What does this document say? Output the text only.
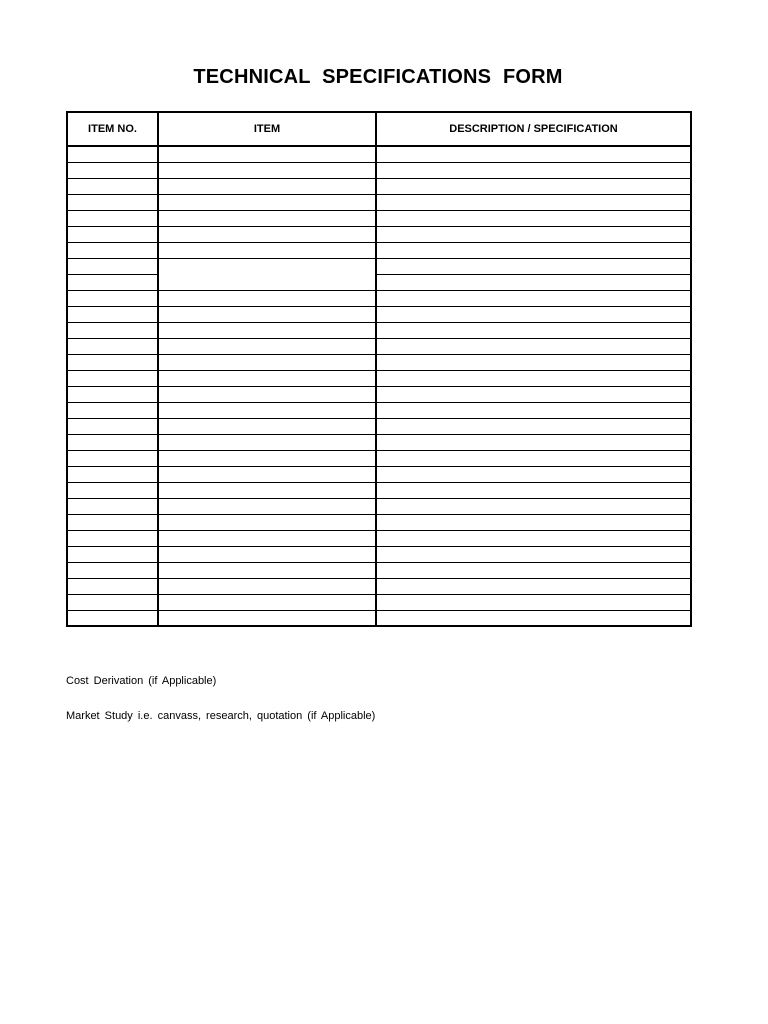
TECHNICAL SPECIFICATIONS FORM
ITEM NO.	ITEM	DESCRIPTION / SPECIFICATION

Cost Derivation (if Applicable)

Market Study i.e. canvass, research, quotation (if Applicable)
